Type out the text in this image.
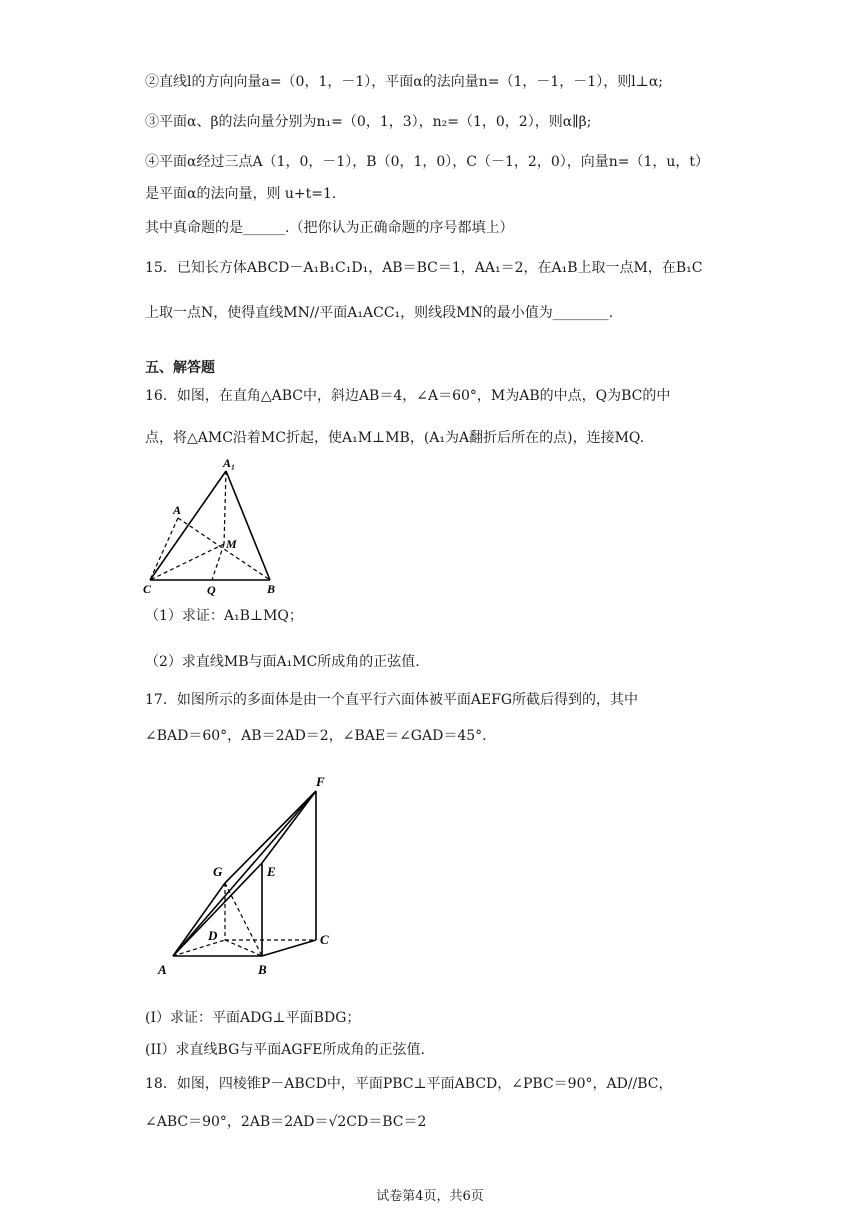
②直线l的方向向量a=（0，1，－1），平面α的法向量n=（1，－1，－1），则l⊥α;
③平面α、β的法向量分别为n₁=（0，1，3），n₂=（1，0，2），则α∥β;
④平面α经过三点A（1，0，－1），B（0，1，0），C（－1，2，0），向量n=（1，u，t）
是平面α的法向量，则 u+t=1.
其中真命题的是______.（把你认为正确命题的序号都填上）
15．已知长方体ABCD－A₁B₁C₁D₁，AB＝BC＝1，AA₁＝2，在A₁B上取一点M，在B₁C
上取一点N，使得直线MN//平面A₁ACC₁，则线段MN的最小值为________.
五、解答题
16．如图，在直角△ABC中，斜边AB＝4，∠A＝60°，M为AB的中点，Q为BC的中
点，将△AMC沿着MC折起，使A₁M⊥MB，(A₁为A翻折后所在的点)，连接MQ.
A₁
A
M
C	Q	B
（1）求证：A₁B⊥MQ；
（2）求直线MB与面A₁MC所成角的正弦值.
17．如图所示的多面体是由一个直平行六面体被平面AEFG所截后得到的，其中
∠BAD＝60°，AB＝2AD＝2，∠BAE＝∠GAD＝45°.
F
G	E
D	C
A	B
(I）求证：平面ADG⊥平面BDG；
(II）求直线BG与平面AGFE所成角的正弦值.
18．如图，四棱锥P－ABCD中，平面PBC⊥平面ABCD，∠PBC＝90°，AD//BC，
∠ABC＝90°，2AB＝2AD＝√2CD＝BC＝2
试卷第4页，共6页
